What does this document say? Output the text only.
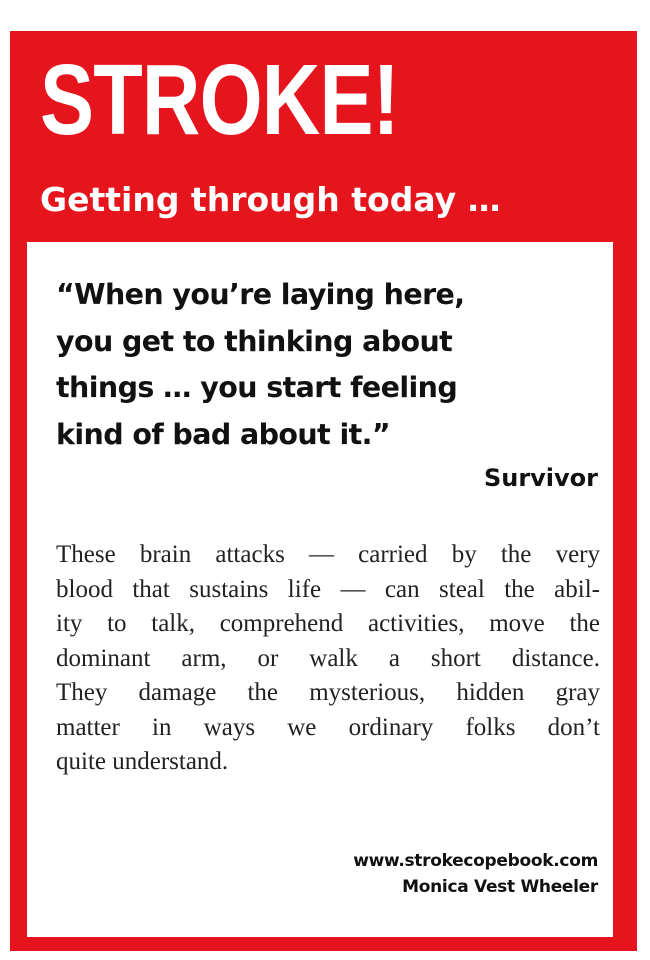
STROKE!
Getting through today …
“When you’re laying here,
you get to thinking about
things … you start feeling
kind of bad about it.”

Survivor

These brain attacks — carried by the very
blood that sustains life — can steal the abil-
ity to talk, comprehend activities, move the
dominant arm, or walk a short distance.
They damage the mysterious, hidden gray
matter in ways we ordinary folks don’t
quite understand.
www.strokecopebook.com
Monica Vest Wheeler
